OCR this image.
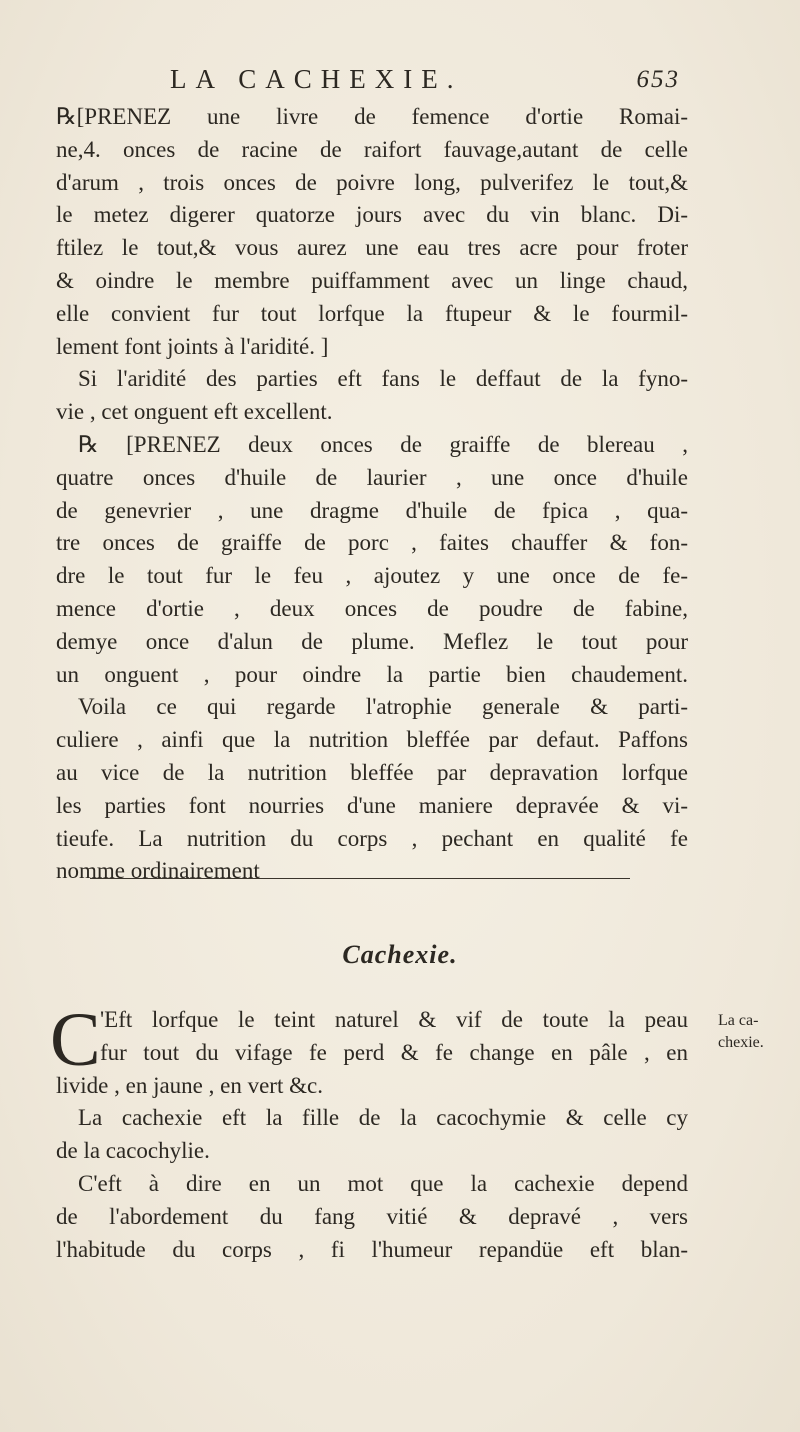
LA CACHEXIE.	653
℞[PRENEZ une livre de femence d'ortie Romai-
ne,4. onces de racine de raifort fauvage,autant de celle
d'arum , trois onces de poivre long, pulverifez le tout,&
le metez digerer quatorze jours avec du vin blanc. Di-
ftilez le tout,& vous aurez une eau tres acre pour froter
& oindre le membre puiffamment avec un linge chaud,
elle convient fur tout lorfque la ftupeur & le fourmil-
lement font joints à l'aridité. ]
Si l'aridité des parties eft fans le deffaut de la fyno-
vie , cet onguent eft excellent.
℞ [PRENEZ deux onces de graiffe de blereau ,
quatre onces d'huile de laurier , une once d'huile
de genevrier , une dragme d'huile de fpica , qua-
tre onces de graiffe de porc , faites chauffer & fon-
dre le tout fur le feu , ajoutez y une once de fe-
mence d'ortie , deux onces de poudre de fabine,
demye once d'alun de plume. Meflez le tout pour
un onguent , pour oindre la partie bien chaudement.
Voila ce qui regarde l'atrophie generale & parti-
culiere , ainfi que la nutrition bleffée par defaut. Paffons
au vice de la nutrition bleffée par depravation lorfque
les parties font nourries d'une maniere depravée & vi-
tieufe. La nutrition du corps , pechant en qualité fe
nomme ordinairement
Cachexie.
C 'Eft lorfque le teint naturel & vif de toute la peau
fur tout du vifage fe perd & fe change en pâle , en
livide , en jaune , en vert &c.
La cachexie eft la fille de la cacochymie & celle cy
de la cacochylie.
C'eft à dire en un mot que la cachexie depend
de l'abordement du fang vitié & depravé , vers
l'habitude du corps , fi l'humeur repandüe eft blan-
La ca-
chexie.
